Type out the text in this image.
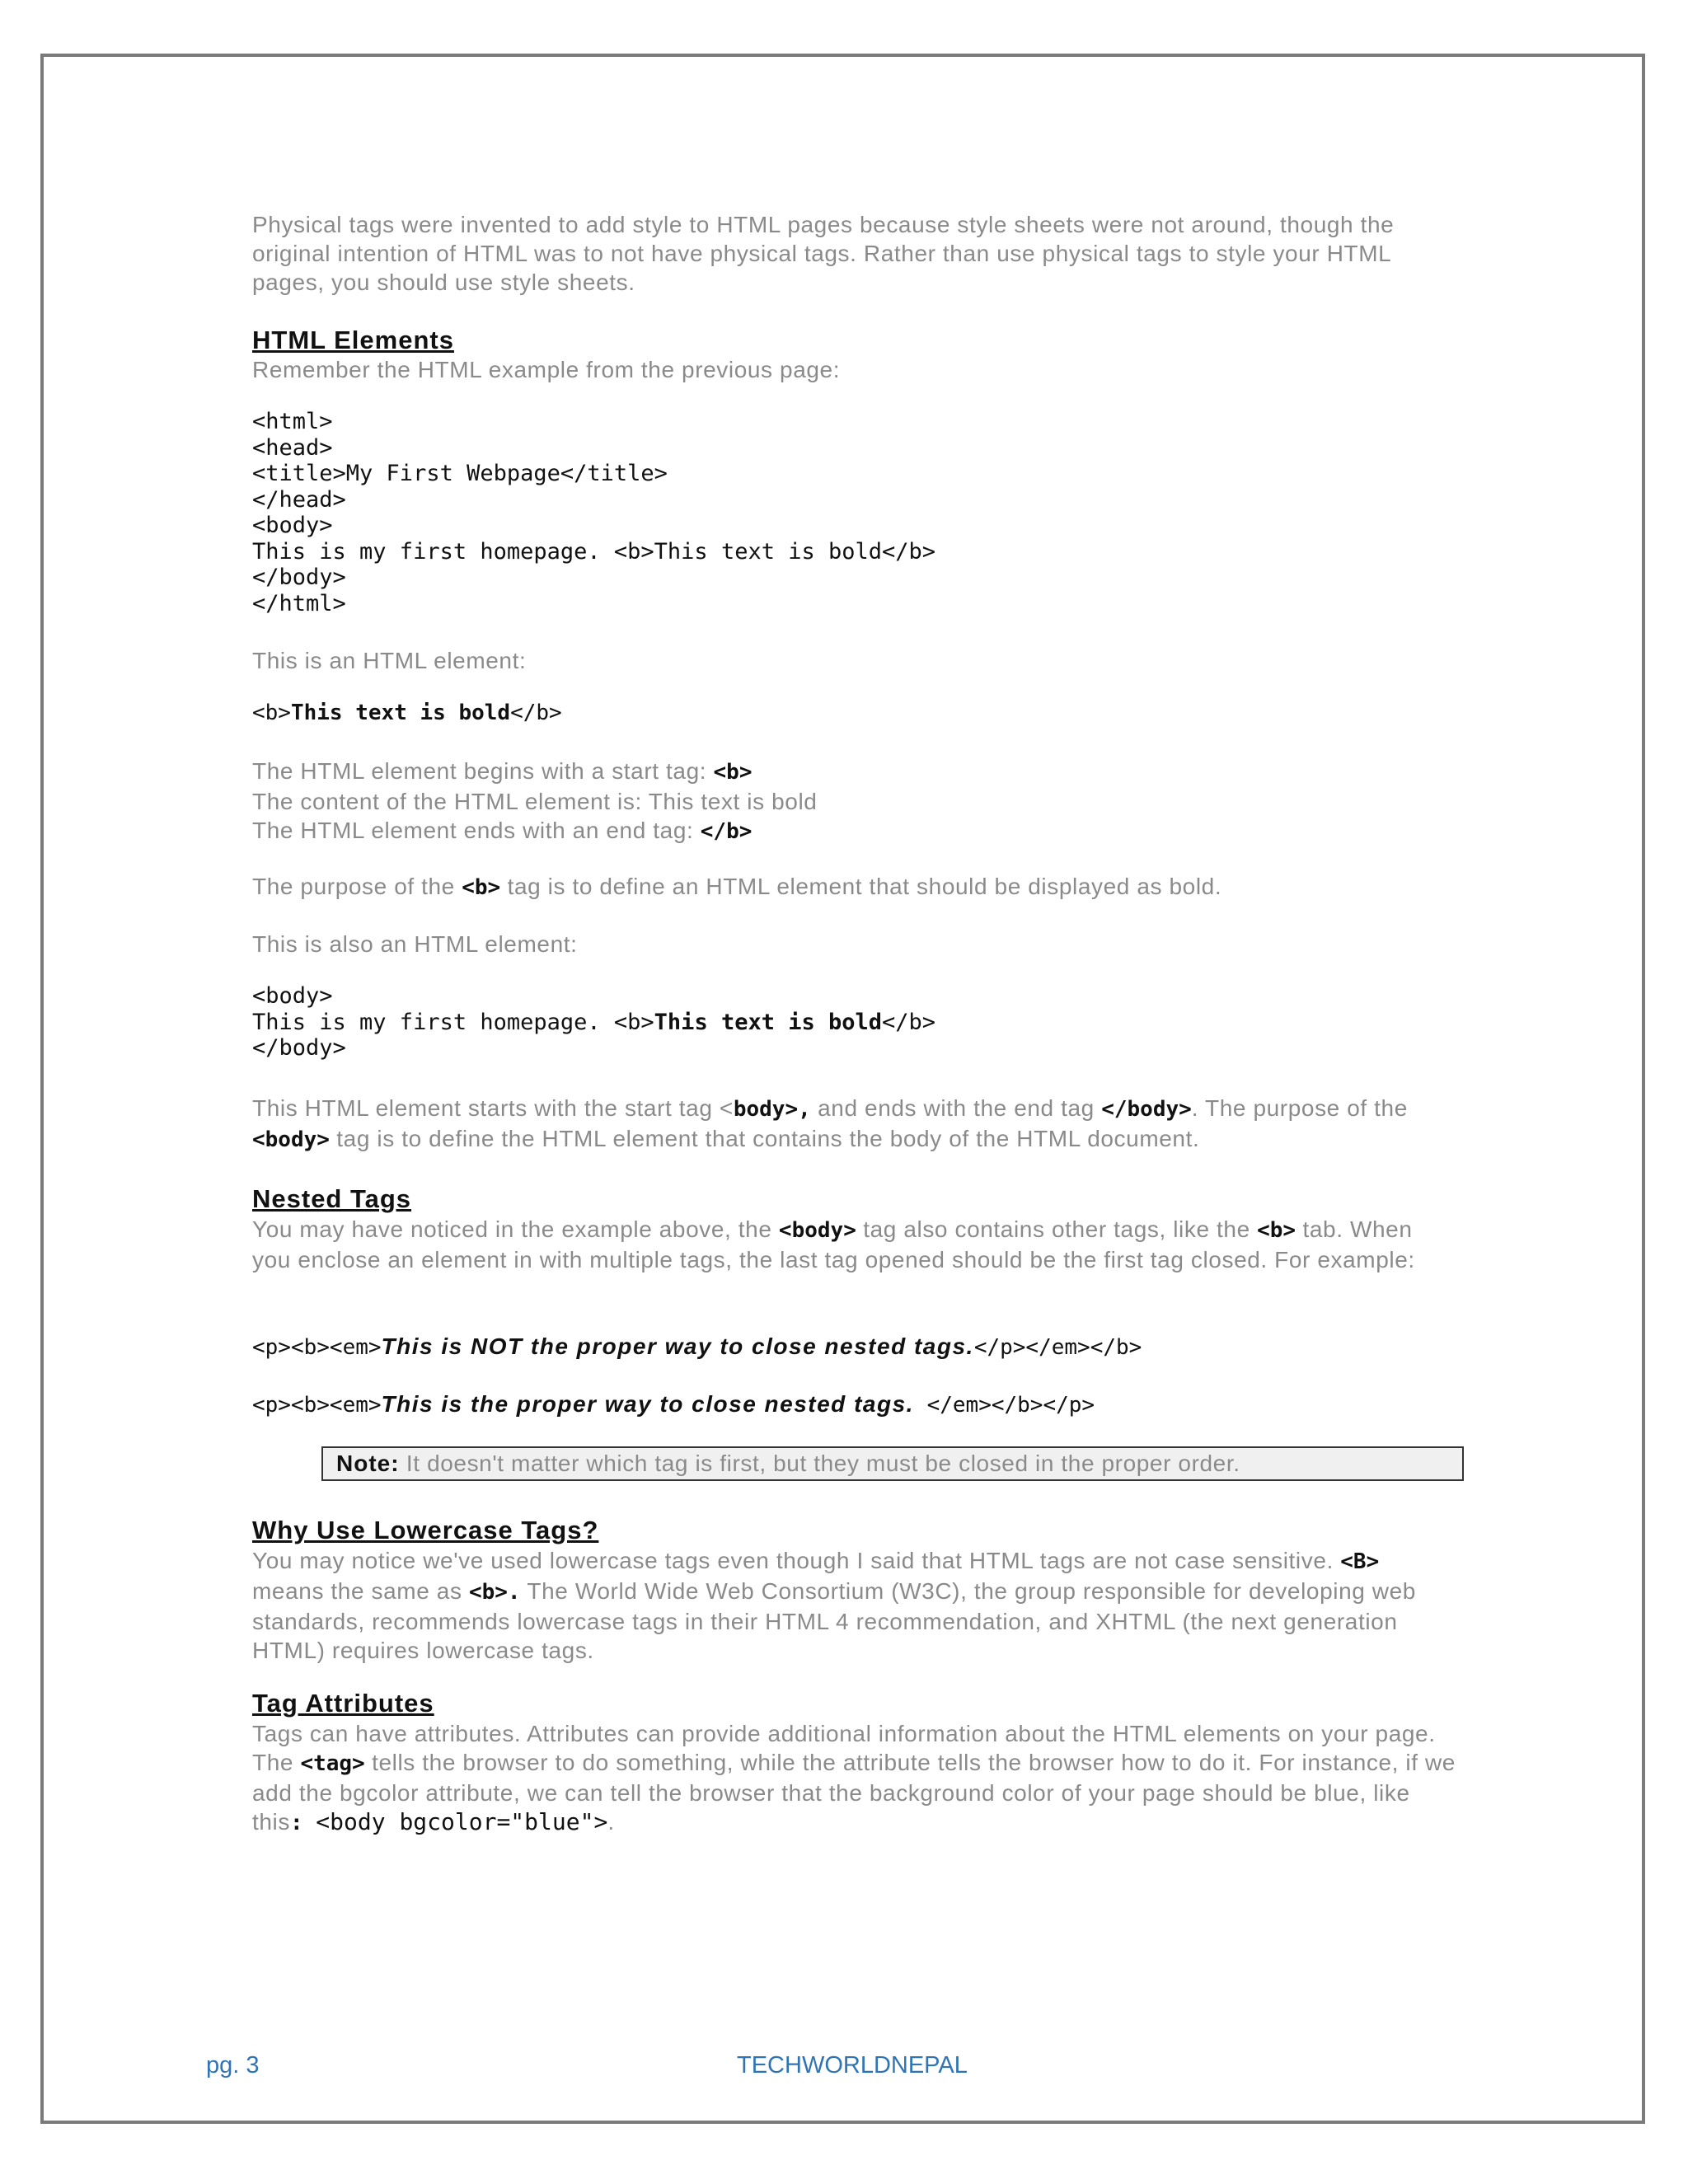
Physical tags were invented to add style to HTML pages because style sheets were not around, though the original intention of HTML was to not have physical tags. Rather than use physical tags to style your HTML pages, you should use style sheets.

HTML Elements

Remember the HTML example from the previous page:

<html>
<head>
<title>My First Webpage</title>
</head>
<body>
This is my first homepage. <b>This text is bold</b>
</body>
</html>

This is an HTML element:

<b>This text is bold</b>
The HTML element begins with a start tag: <b>
The content of the HTML element is: This text is bold
The HTML element ends with an end tag: </b>
The purpose of the <b> tag is to define an HTML element that should be displayed as bold.

This is also an HTML element:

<body>
This is my first homepage. <b>This text is bold</b>
</body>

This HTML element starts with the start tag <body>, and ends with the end tag </body>. The purpose of the <body> tag is to define the HTML element that contains the body of the HTML document.

Nested Tags

You may have noticed in the example above, the <body> tag also contains other tags, like the <b> tab. When you enclose an element in with multiple tags, the last tag opened should be the first tag closed. For example:

<p><b><em>This is NOT the proper way to close nested tags.</p></em></b>
<p><b><em>This is the proper way to close nested tags. </em></b></p>
Note: It doesn't matter which tag is first, but they must be closed in the proper order.
Why Use Lowercase Tags?

You may notice we've used lowercase tags even though I said that HTML tags are not case sensitive. <B> means the same as <b>. The World Wide Web Consortium (W3C), the group responsible for developing web standards, recommends lowercase tags in their HTML 4 recommendation, and XHTML (the next generation HTML) requires lowercase tags.

Tag Attributes

Tags can have attributes. Attributes can provide additional information about the HTML elements on your page. The <tag> tells the browser to do something, while the attribute tells the browser how to do it. For instance, if we add the bgcolor attribute, we can tell the browser that the background color of your page should be blue, like this: <body bgcolor="blue">.

pg. 3	TECHWORLDNEPAL
